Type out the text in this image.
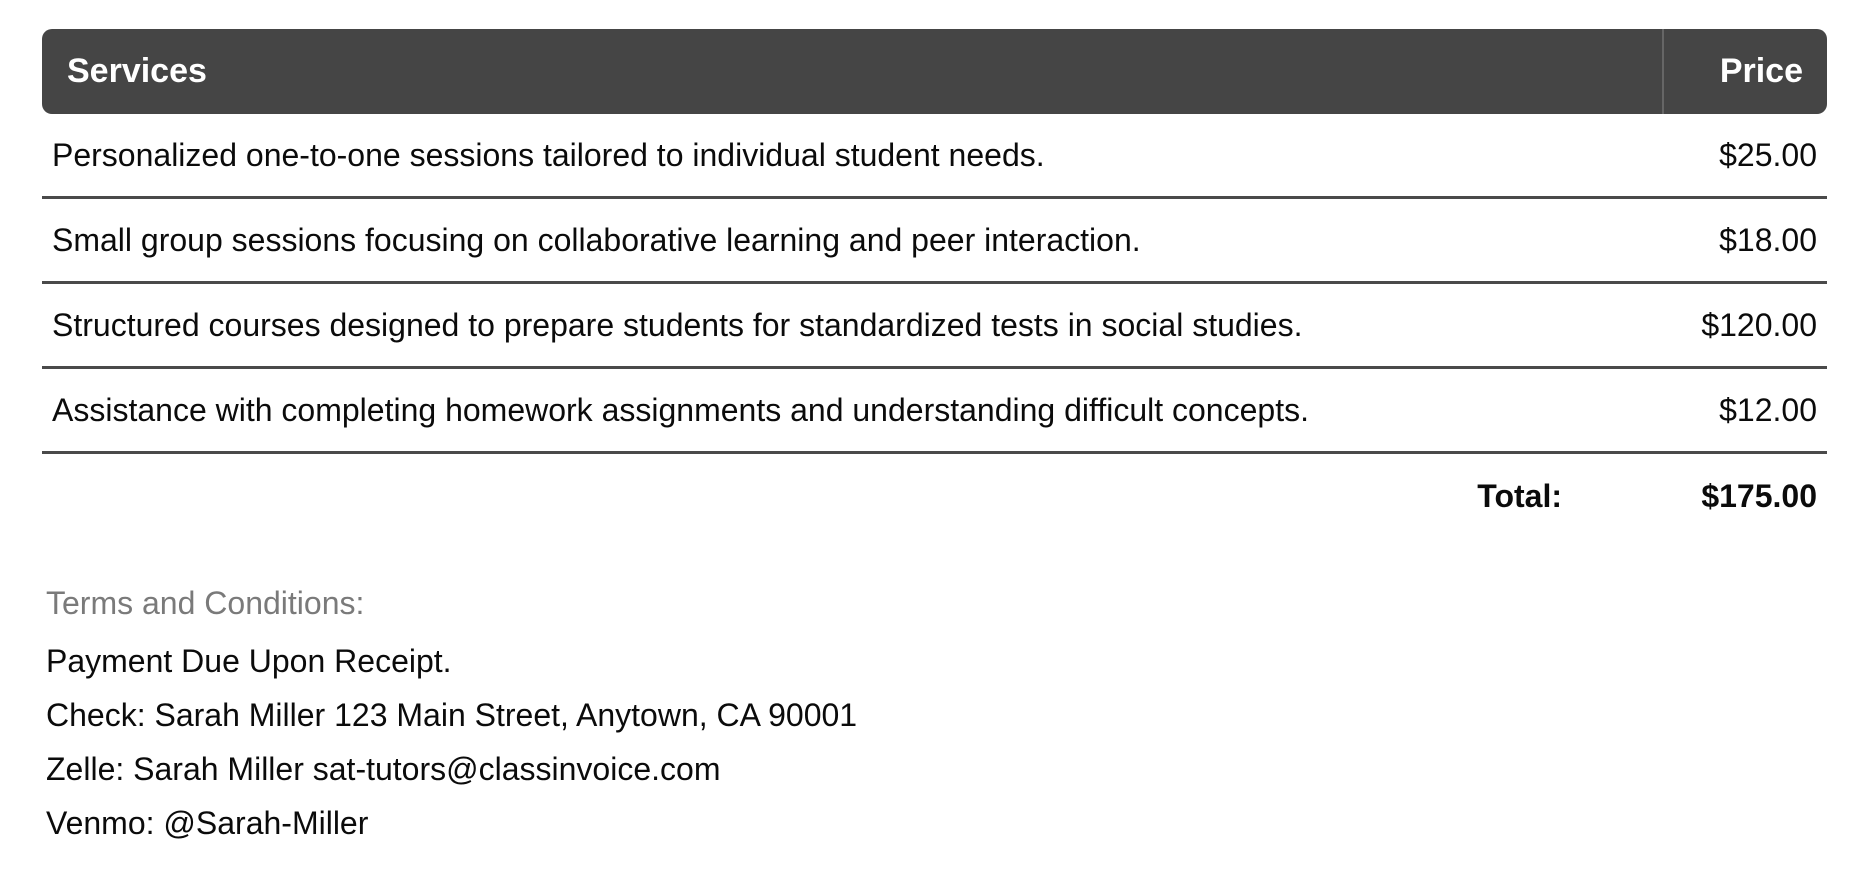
Services	Price
Personalized one-to-one sessions tailored to individual student needs.	$25.00
Small group sessions focusing on collaborative learning and peer interaction.	$18.00
Structured courses designed to prepare students for standardized tests in social studies.	$120.00
Assistance with completing homework assignments and understanding difficult concepts.	$12.00
Total:	$175.00
Terms and Conditions:
Payment Due Upon Receipt.
Check: Sarah Miller 123 Main Street, Anytown, CA 90001
Zelle: Sarah Miller sat-tutors@classinvoice.com
Venmo: @Sarah-Miller
